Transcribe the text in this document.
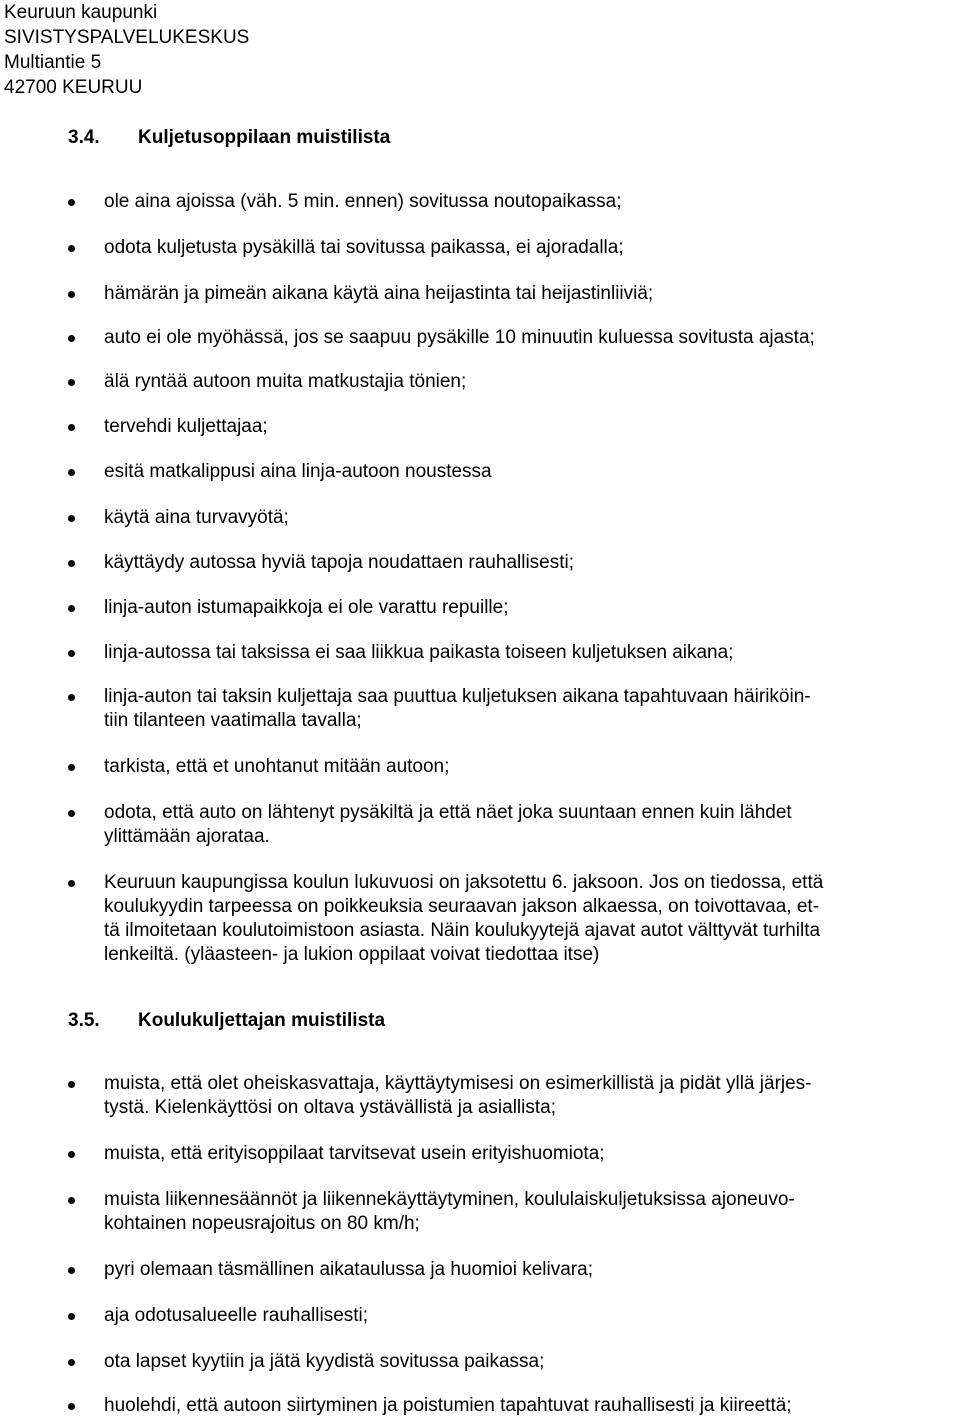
Keuruun kaupunki
SIVISTYSPALVELUKESKUS
Multiantie 5
42700 KEURUU
3.4. Kuljetusoppilaan muistilista
3.5. Koulukuljettajan muistilista
ole aina ajoissa (väh. 5 min. ennen) sovitussa noutopaikassa;
odota kuljetusta pysäkillä tai sovitussa paikassa, ei ajoradalla;
hämärän ja pimeän aikana käytä aina heijastinta tai heijastinliiviä;
auto ei ole myöhässä, jos se saapuu pysäkille 10 minuutin kuluessa sovitusta ajasta;
älä ryntää autoon muita matkustajia tönien;
tervehdi kuljettajaa;
esitä matkalippusi aina linja-autoon noustessa
käytä aina turvavyötä;
käyttäydy autossa hyviä tapoja noudattaen rauhallisesti;
linja-auton istumapaikkoja ei ole varattu repuille;
linja-autossa tai taksissa ei saa liikkua paikasta toiseen kuljetuksen aikana;
linja-auton tai taksin kuljettaja saa puuttua kuljetuksen aikana tapahtuvaan häiriköin-
tiin tilanteen vaatimalla tavalla;
tarkista, että et unohtanut mitään autoon;
odota, että auto on lähtenyt pysäkiltä ja että näet joka suuntaan ennen kuin lähdet
ylittämään ajorataa.
Keuruun kaupungissa koulun lukuvuosi on jaksotettu 6. jaksoon. Jos on tiedossa, että
koulukyydin tarpeessa on poikkeuksia seuraavan jakson alkaessa, on toivottavaa, et-
tä ilmoitetaan koulutoimistoon asiasta. Näin koulukyytejä ajavat autot välttyvät turhilta
lenkeiltä. (yläasteen- ja lukion oppilaat voivat tiedottaa itse)
muista, että olet oheiskasvattaja, käyttäytymisesi on esimerkillistä ja pidät yllä järjes-
tystä. Kielenkäyttösi on oltava ystävällistä ja asiallista;
muista, että erityisoppilaat tarvitsevat usein erityishuomiota;
muista liikennesäännöt ja liikennekäyttäytyminen, koululaiskuljetuksissa ajoneuvo-
kohtainen nopeusrajoitus on 80 km/h;
pyri olemaan täsmällinen aikataulussa ja huomioi kelivara;
aja odotusalueelle rauhallisesti;
ota lapset kyytiin ja jätä kyydistä sovitussa paikassa;
huolehdi, että autoon siirtyminen ja poistumien tapahtuvat rauhallisesti ja kiireettä;
